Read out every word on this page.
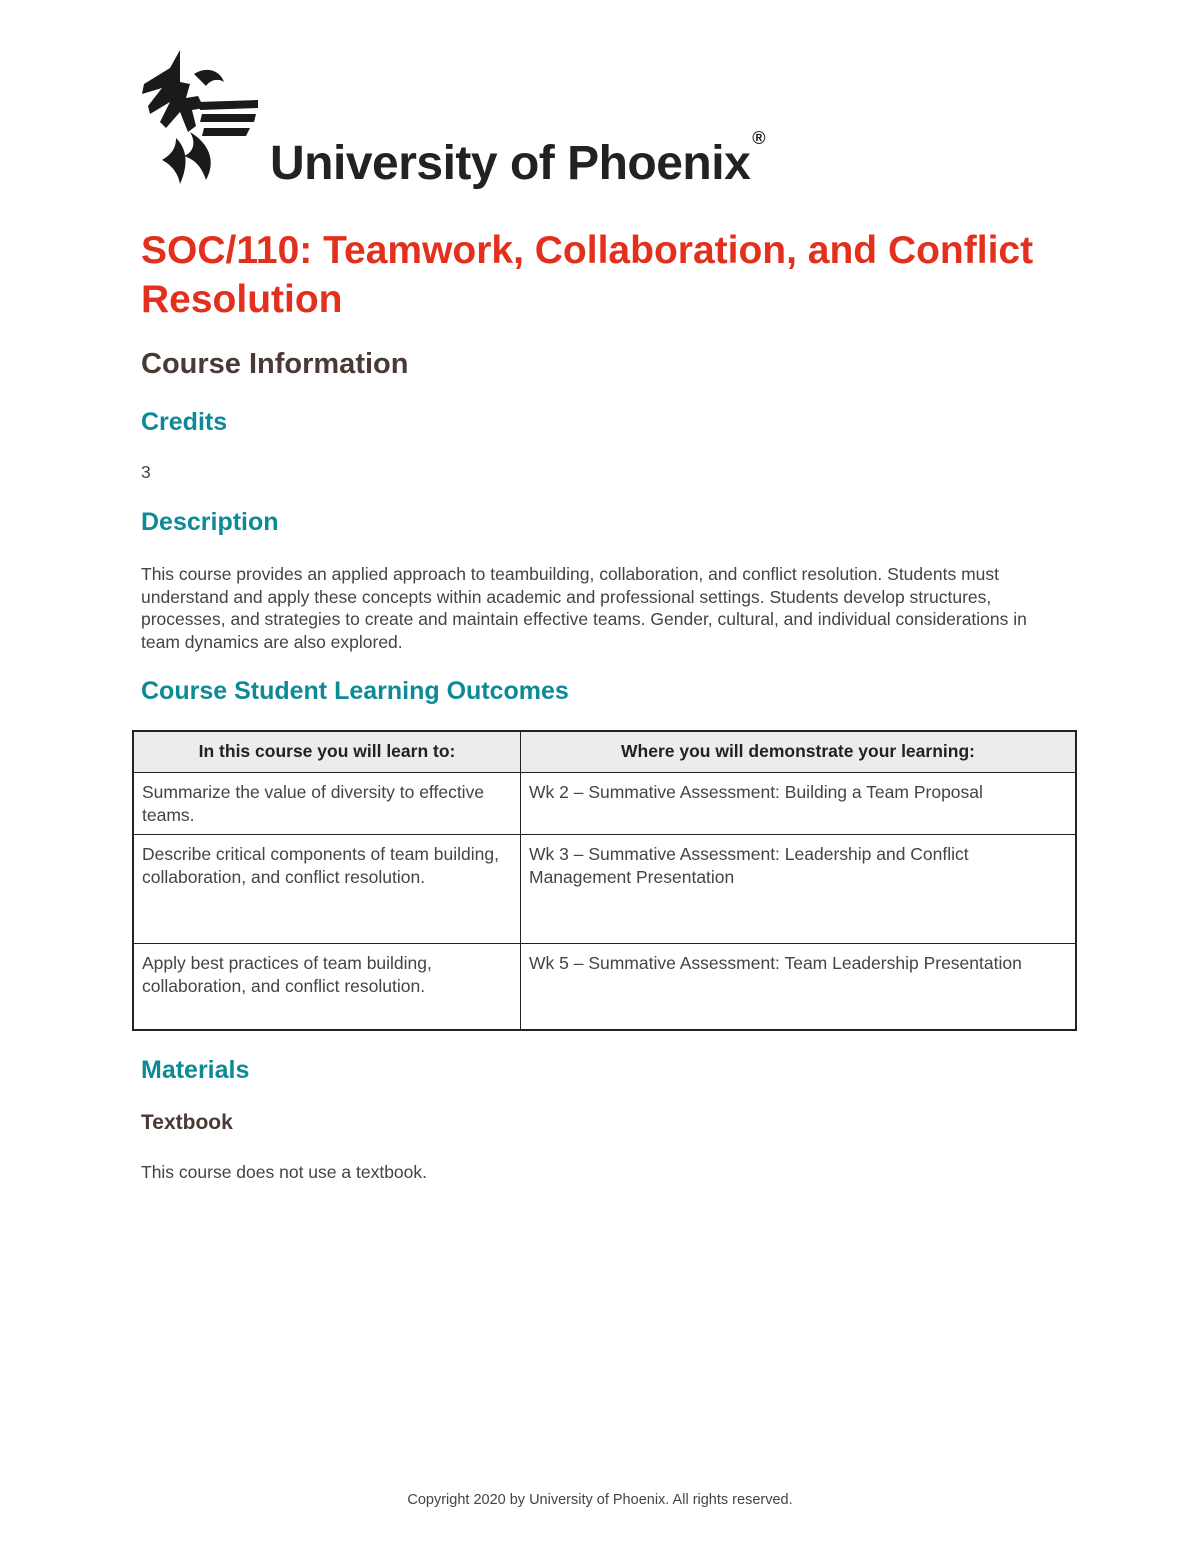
University of Phoenix ®
SOC/110: Teamwork, Collaboration, and Conflict Resolution
Course Information
Credits

3

Description

This course provides an applied approach to teambuilding, collaboration, and conflict resolution. Students must understand and apply these concepts within academic and professional settings. Students develop structures, processes, and strategies to create and maintain effective teams. Gender, cultural, and individual considerations in team dynamics are also explored.

Course Student Learning Outcomes
In this course you will learn to:	Where you will demonstrate your learning:
Summarize the value of diversity to effective teams.	Wk 2 – Summative Assessment: Building a Team Proposal
Describe critical components of team building, collaboration, and conflict resolution.	Wk 3 – Summative Assessment: Leadership and Conflict Management Presentation
Apply best practices of team building, collaboration, and conflict resolution.	Wk 5 – Summative Assessment: Team Leadership Presentation
Materials
Textbook

This course does not use a textbook.

Copyright 2020 by University of Phoenix. All rights reserved.
